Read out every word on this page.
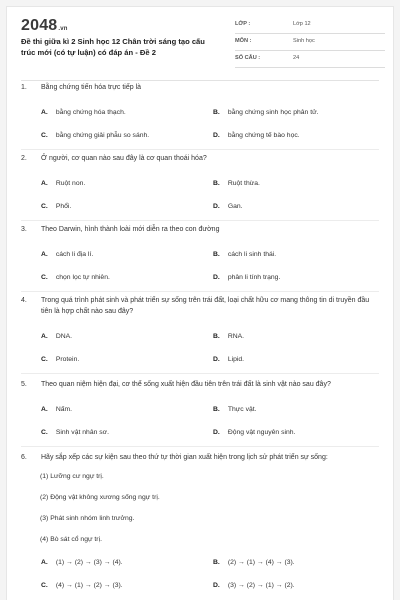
2048.vn
Đề thi giữa kì 2 Sinh học 12 Chân trời sáng tạo cấu trúc mới (có tự luận) có đáp án - Đề 2
LỚP :	Lớp 12
MÔN :	Sinh học
SỐ CÂU :	24
1. Bằng chứng tiến hóa trực tiếp là
A. bằng chứng hóa thạch.	B. bằng chứng sinh học phân tử.
C. bằng chứng giải phẫu so sánh.	D. bằng chứng tế bào học.
2. Ở người, cơ quan nào sau đây là cơ quan thoái hóa?
A. Ruột non.	B. Ruột thừa.
C. Phổi.	D. Gan.
3. Theo Darwin, hình thành loài mới diễn ra theo con đường
A. cách li địa lí.	B. cách li sinh thái.
C. chọn lọc tự nhiên.	D. phân li tính trạng.
4. Trong quá trình phát sinh và phát triển sự sống trên trái đất, loại chất hữu cơ mang thông tin di truyền đầu tiên là hợp chất nào sau đây?
A. DNA.	B. RNA.
C. Protein.	D. Lipid.
5. Theo quan niệm hiện đại, cơ thể sống xuất hiện đầu tiên trên trái đất là sinh vật nào sau đây?
A. Nấm.	B. Thực vật.
C. Sinh vật nhân sơ.	D. Động vật nguyên sinh.
6. Hãy sắp xếp các sự kiện sau theo thứ tự thời gian xuất hiện trong lịch sử phát triển sự sống:
(1) Lưỡng cư ngự trị.
(2) Động vật không xương sống ngự trị.
(3) Phát sinh nhóm linh trưởng.
(4) Bò sát cổ ngự trị.
A. (1) → (2) → (3) → (4).	B. (2) → (1) → (4) → (3).
C. (4) → (1) → (2) → (3).	D. (3) → (2) → (1) → (2).
